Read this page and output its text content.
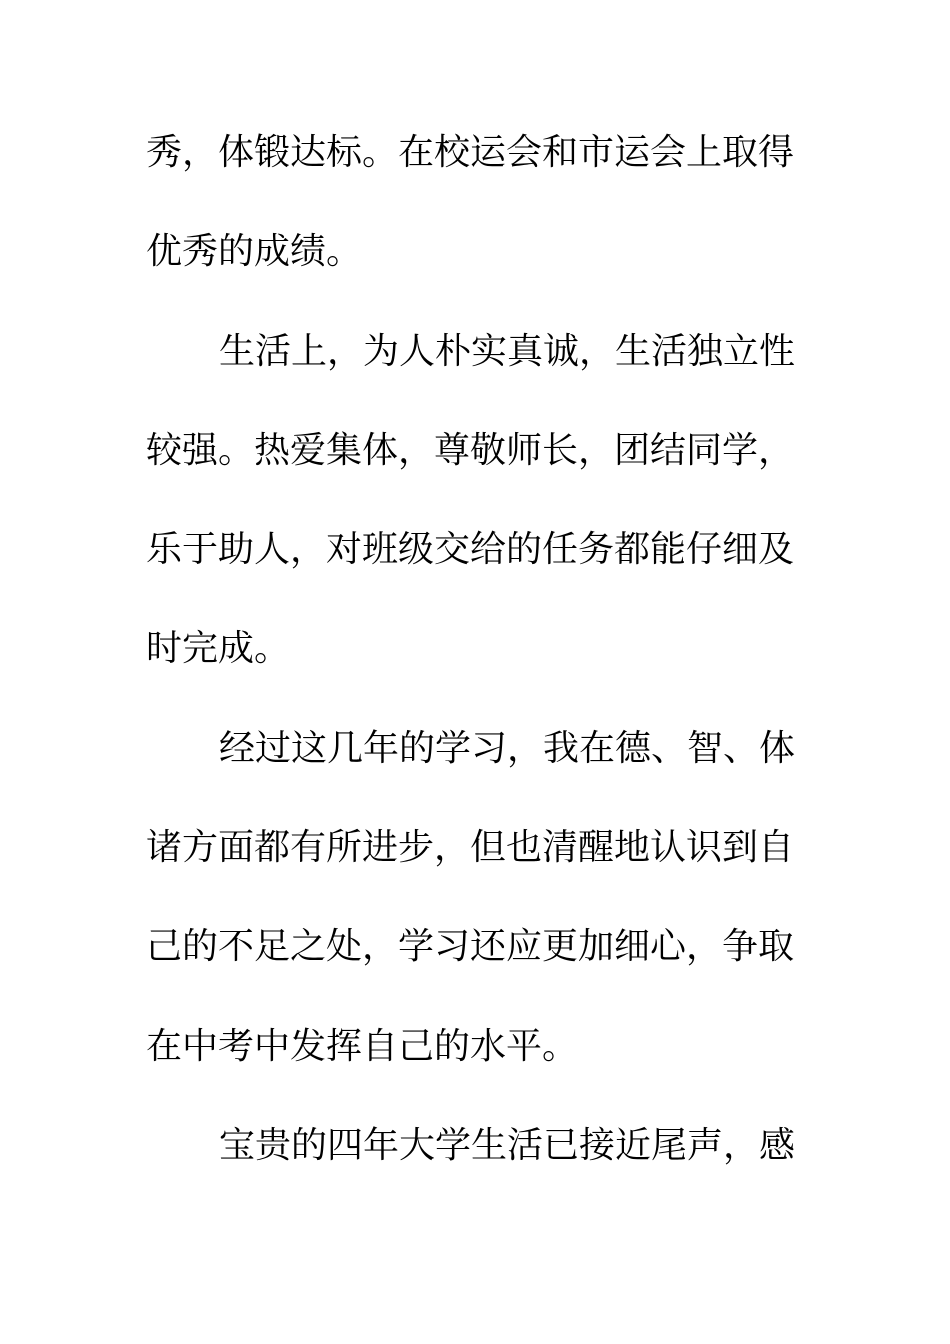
秀，体锻达标。在校运会和市运会上取得
优秀的成绩。
生活上，为人朴实真诚，生活独立性
较强。热爱集体，尊敬师长，团结同学，
乐于助人，对班级交给的任务都能仔细及
时完成。
经过这几年的学习，我在德、智、体
诸方面都有所进步，但也清醒地认识到自
己的不足之处，学习还应更加细心，争取
在中考中发挥自己的水平。
宝贵的四年大学生活已接近尾声，感
